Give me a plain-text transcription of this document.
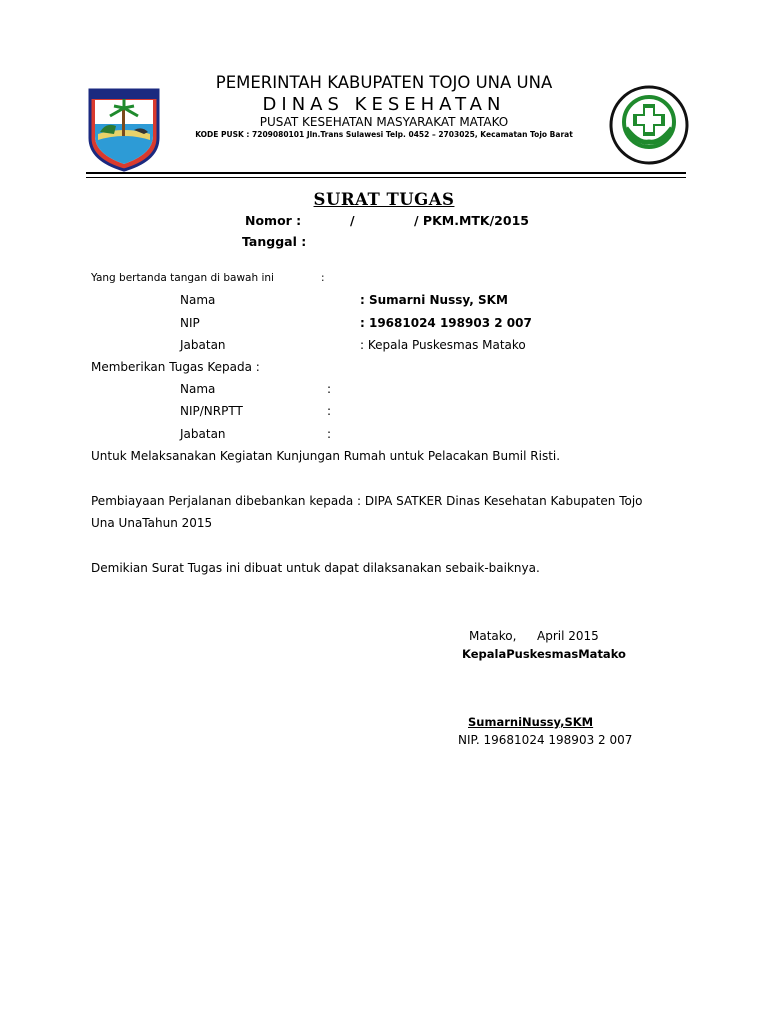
PEMERINTAH KABUPATEN TOJO UNA UNA
DINAS KESEHATAN
PUSAT KESEHATAN MASYARAKAT MATAKO
KODE PUSK : 7209080101 Jln.Trans Sulawesi Telp. 0452 – 2703025, Kecamatan Tojo Barat
SURAT TUGAS
Nomor :	/	/ PKM.MTK/2015
Tanggal :
Yang bertanda tangan di bawah ini	:
Nama	: Sumarni Nussy, SKM
NIP	: 19681024 198903 2 007
Jabatan	: Kepala Puskesmas Matako
Memberikan Tugas Kepada :
Nama	:
NIP/NRPTT	:
Jabatan	:
Untuk Melaksanakan Kegiatan Kunjungan Rumah untuk Pelacakan Bumil Risti.
Pembiayaan Perjalanan dibebankan kepada : DIPA SATKER Dinas Kesehatan Kabupaten Tojo
Una UnaTahun 2015
Demikian Surat Tugas ini dibuat untuk dapat dilaksanakan sebaik-baiknya.
Matako, April 2015
KepalaPuskesmasMatako
SumarniNussy,SKM
NIP. 19681024 198903 2 007
